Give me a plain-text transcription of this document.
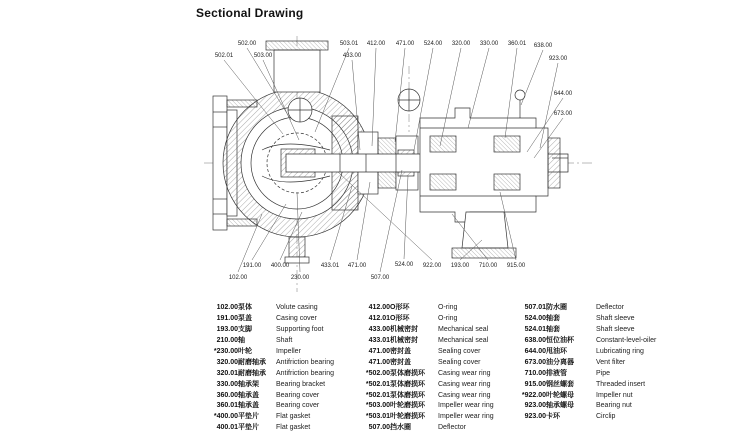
Sectional Drawing
502.01
502.00
503.00
503.01
433.00
412.00 471.00 524.00 320.00 330.00 360.01 638.00
923.00
644.00
673.00
102.00
191.00 400.00
230.00
433.01 471.00
507.00
524.00 922.00 193.00 710.00 915.00
102.00 泵体	Volute casing	412.00 O形环	O-ring	507.01 防水圈	Deflector
191.00 泵盖	Casing cover	412.01 O形环	O-ring	524.00 轴套	Shaft sleeve
193.00 支脚	Supporting foot	433.00 机械密封	Mechanical seal	524.01 轴套	Shaft sleeve
210.00 轴	Shaft	433.01 机械密封	Mechanical seal	638.00 恒位油杯	Constant-level-oiler
*230.00 叶轮	Impeller	471.00 密封盖	Sealing cover	644.00 甩油环	Lubricating ring
320.00 耐磨轴承	Antifriction bearing	471.00 密封盖	Sealing cover	673.00 油分离器	Vent filter
320.01 耐磨轴承	Antifriction bearing	*502.00 泵体磨损环	Casing wear ring	710.00 排液管	Pipe
330.00 轴承架	Bearing bracket	*502.01 泵体磨损环	Casing wear ring	915.00 钢丝螺套	Threaded insert
360.00 轴承盖	Bearing cover	*502.01 泵体磨损环	Casing wear ring	*922.00 叶轮螺母	Impeller nut
360.01 轴承盖	Bearing cover	*503.00 叶轮磨损环	Impeller wear ring	923.00 轴承螺母	Bearing nut
*400.00 平垫片	Flat gasket	*503.01 叶轮磨损环	Impeller wear ring	923.00 卡环	Circlip
400.01 平垫片	Flat gasket	507.00 挡水圈	Deflector
